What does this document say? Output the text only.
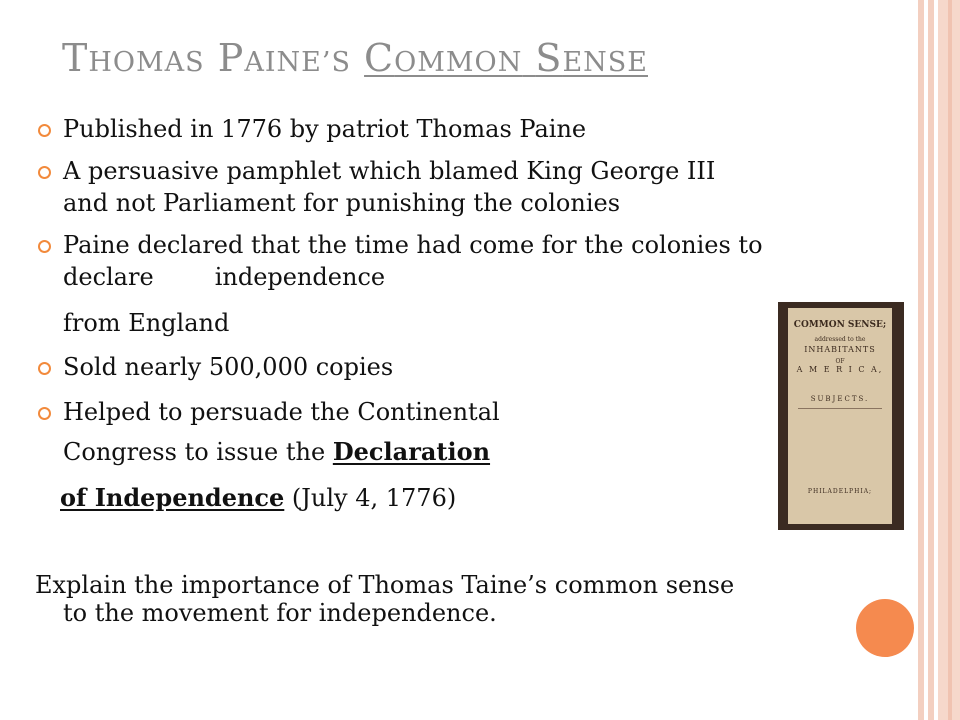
THOMAS PAINE’S COMMON SENSE
Published in 1776 by patriot Thomas Paine
A persuasive pamphlet which blamed King George III
and not Parliament for punishing the colonies
Paine declared that the time had come for the colonies to
declare        independence
from England
Sold nearly 500,000 copies
Helped to persuade the Continental
Congress to issue the Declaration
of Independence (July 4, 1776)
Explain the importance of Thomas Taine’s common sense
to the movement for independence.
COMMON SENSE;
addressed to the
INHABITANTS
OF
A M E R I C A,
SUBJECTS.
PHILADELPHIA;
